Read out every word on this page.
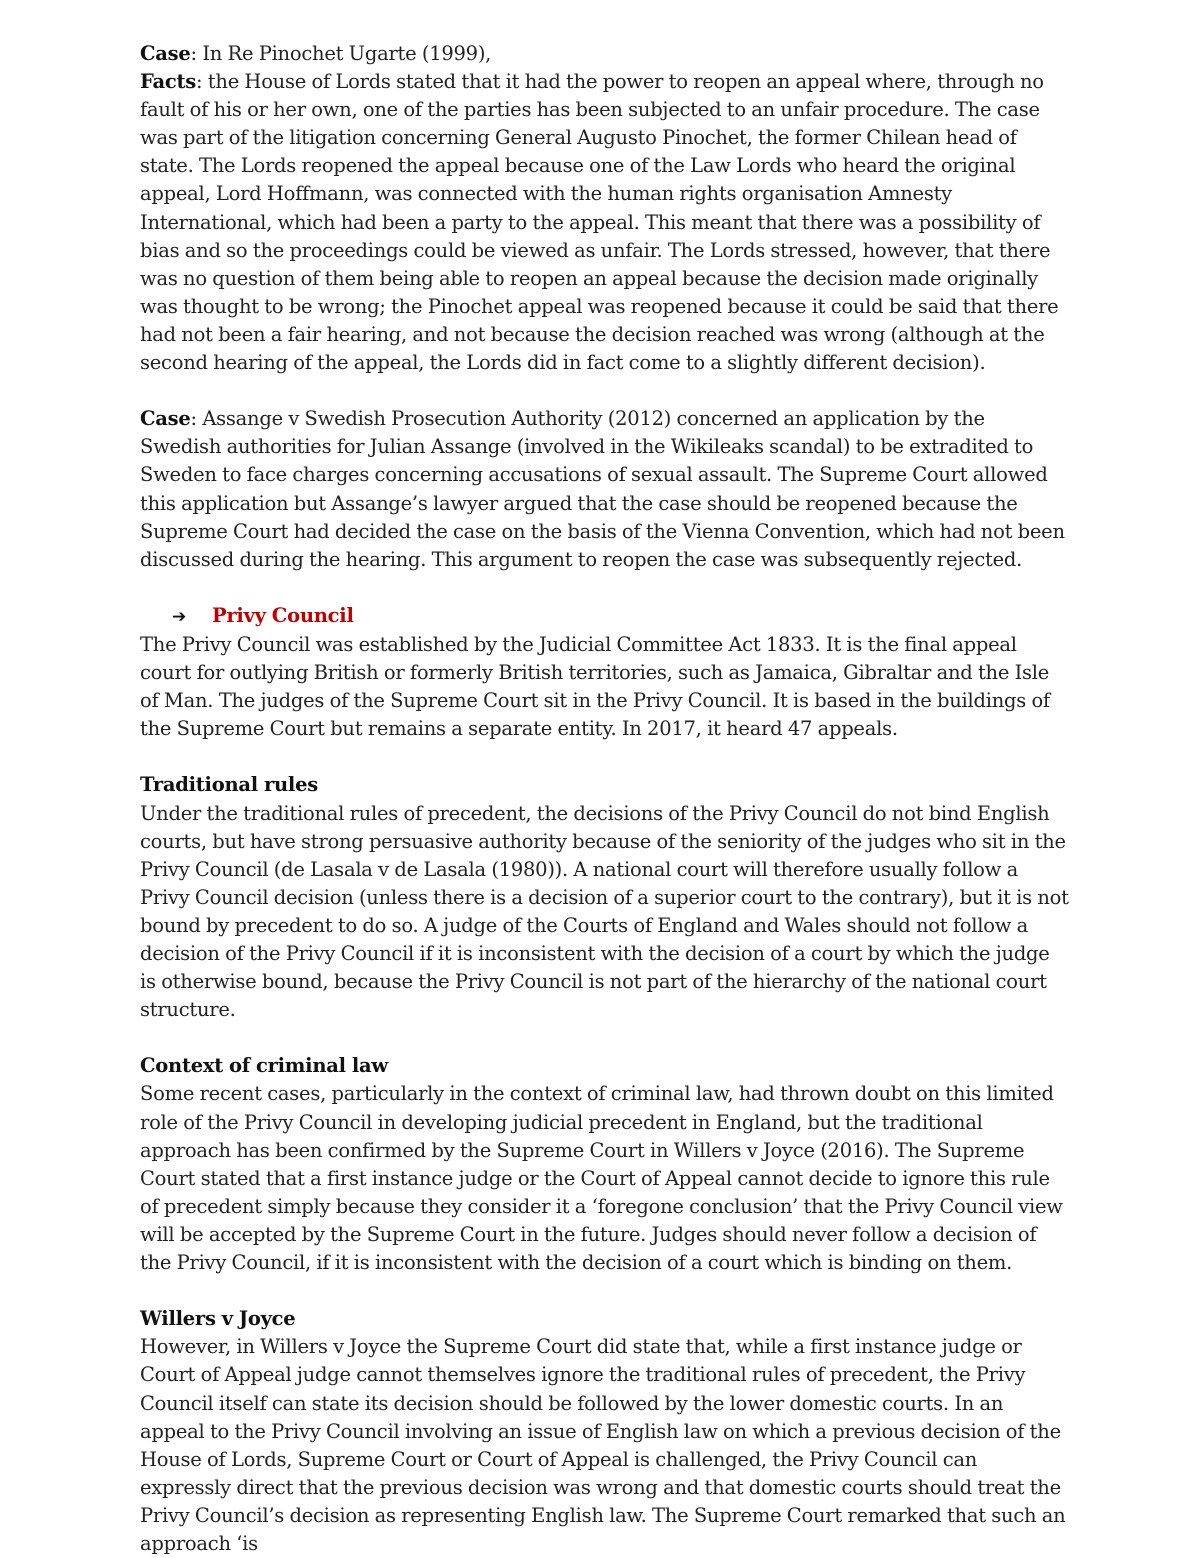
Case: In Re Pinochet Ugarte (1999),

Facts: the House of Lords stated that it had the power to reopen an appeal where, through no fault of his or her own, one of the parties has been subjected to an unfair procedure. The case was part of the litigation concerning General Augusto Pinochet, the former Chilean head of state. The Lords reopened the appeal because one of the Law Lords who heard the original appeal, Lord Hoffmann, was connected with the human rights organisation Amnesty International, which had been a party to the appeal. This meant that there was a possibility of bias and so the proceedings could be viewed as unfair. The Lords stressed, however, that there was no question of them being able to reopen an appeal because the decision made originally was thought to be wrong; the Pinochet appeal was reopened because it could be said that there had not been a fair hearing, and not because the decision reached was wrong (although at the second hearing of the appeal, the Lords did in fact come to a slightly different decision).

Case: Assange v Swedish Prosecution Authority (2012) concerned an application by the Swedish authorities for Julian Assange (involved in the Wikileaks scandal) to be extradited to Sweden to face charges concerning accusations of sexual assault. The Supreme Court allowed this application but Assange’s lawyer argued that the case should be reopened because the Supreme Court had decided the case on the basis of the Vienna Convention, which had not been discussed during the hearing. This argument to reopen the case was subsequently rejected.

➔	Privy Council

The Privy Council was established by the Judicial Committee Act 1833. It is the final appeal court for outlying British or formerly British territories, such as Jamaica, Gibraltar and the Isle of Man. The judges of the Supreme Court sit in the Privy Council. It is based in the buildings of the Supreme Court but remains a separate entity. In 2017, it heard 47 appeals.

Traditional rules

Under the traditional rules of precedent, the decisions of the Privy Council do not bind English courts, but have strong persuasive authority because of the seniority of the judges who sit in the Privy Council (de Lasala v de Lasala (1980)). A national court will therefore usually follow a Privy Council decision (unless there is a decision of a superior court to the contrary), but it is not bound by precedent to do so. A judge of the Courts of England and Wales should not follow a decision of the Privy Council if it is inconsistent with the decision of a court by which the judge is otherwise bound, because the Privy Council is not part of the hierarchy of the national court structure.

Context of criminal law

Some recent cases, particularly in the context of criminal law, had thrown doubt on this limited role of the Privy Council in developing judicial precedent in England, but the traditional approach has been confirmed by the Supreme Court in Willers v Joyce (2016). The Supreme Court stated that a first instance judge or the Court of Appeal cannot decide to ignore this rule of precedent simply because they consider it a ‘foregone conclusion’ that the Privy Council view will be accepted by the Supreme Court in the future. Judges should never follow a decision of the Privy Council, if it is inconsistent with the decision of a court which is binding on them.

Willers v Joyce

However, in Willers v Joyce the Supreme Court did state that, while a first instance judge or Court of Appeal judge cannot themselves ignore the traditional rules of precedent, the Privy Council itself can state its decision should be followed by the lower domestic courts. In an appeal to the Privy Council involving an issue of English law on which a previous decision of the House of Lords, Supreme Court or Court of Appeal is challenged, the Privy Council can expressly direct that the previous decision was wrong and that domestic courts should treat the Privy Council’s decision as representing English law. The Supreme Court remarked that such an approach ‘is
